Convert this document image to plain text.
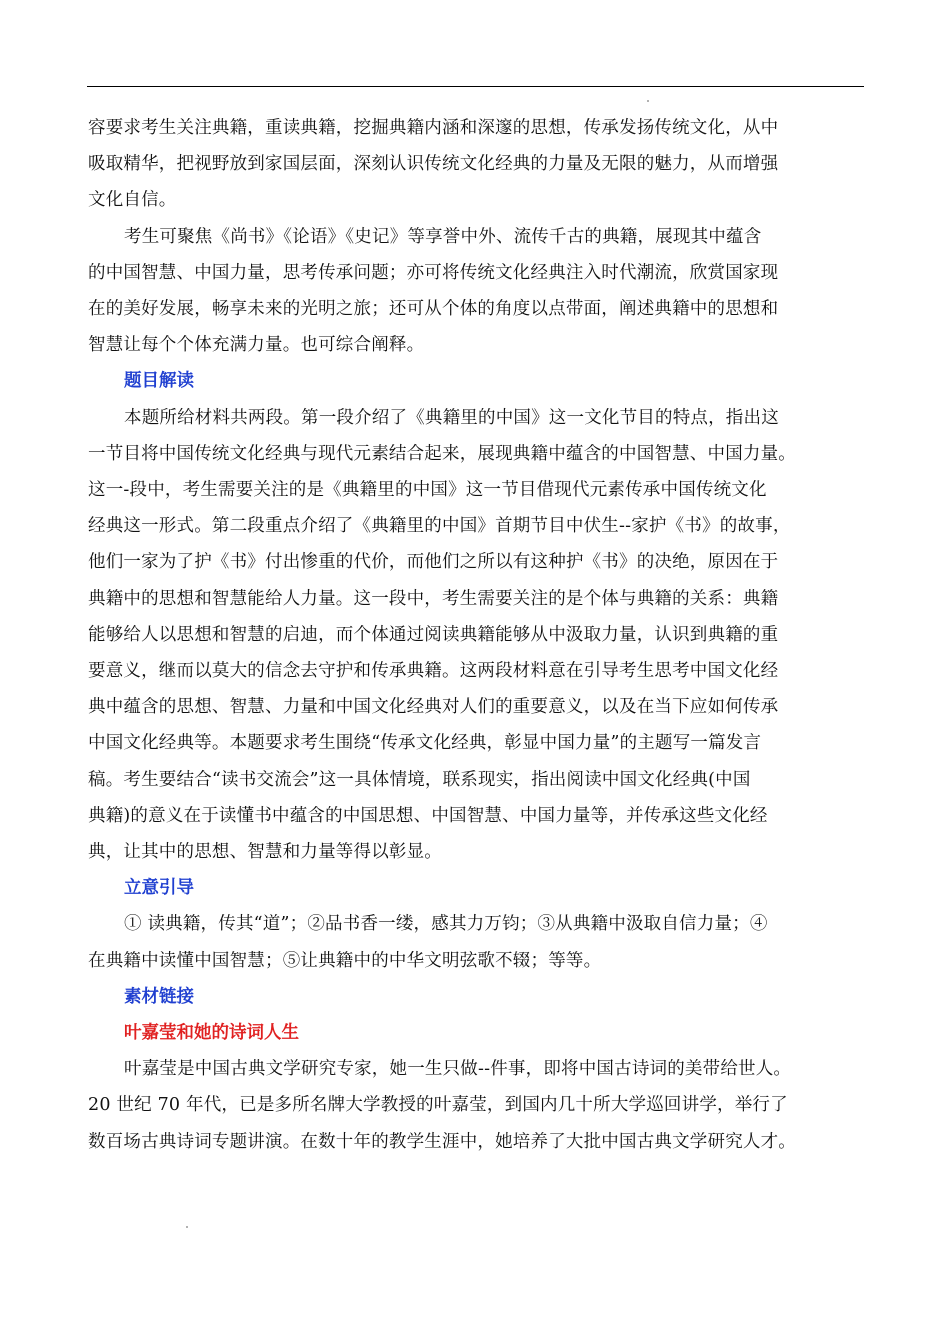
容要求考生关注典籍，重读典籍，挖掘典籍内涵和深邃的思想，传承发扬传统文化，从中
吸取精华，把视野放到家国层面，深刻认识传统文化经典的力量及无限的魅力，从而增强
文化自信。
考生可聚焦《尚书》《论语》《史记》等享誉中外、流传千古的典籍，展现其中蕴含
的中国智慧、中国力量，思考传承问题；亦可将传统文化经典注入时代潮流，欣赏国家现
在的美好发展，畅享未来的光明之旅；还可从个体的角度以点带面，阐述典籍中的思想和
智慧让每个个体充满力量。也可综合阐释。
题目解读
本题所给材料共两段。第一段介绍了《典籍里的中国》这一文化节目的特点，指出这
一节目将中国传统文化经典与现代元素结合起来，展现典籍中蕴含的中国智慧、中国力量。
这一-段中，考生需要关注的是《典籍里的中国》这一节目借现代元素传承中国传统文化
经典这一形式。第二段重点介绍了《典籍里的中国》首期节目中伏生--家护《书》的故事，
他们一家为了护《书》付出惨重的代价，而他们之所以有这种护《书》的决绝，原因在于
典籍中的思想和智慧能给人力量。这一段中，考生需要关注的是个体与典籍的关系：典籍
能够给人以思想和智慧的启迪，而个体通过阅读典籍能够从中汲取力量，认识到典籍的重
要意义，继而以莫大的信念去守护和传承典籍。这两段材料意在引导考生思考中国文化经
典中蕴含的思想、智慧、力量和中国文化经典对人们的重要意义，以及在当下应如何传承
中国文化经典等。本题要求考生围绕“传承文化经典，彰显中国力量”的主题写一篇发言
稿。考生要结合“读书交流会”这一具体情境，联系现实，指出阅读中国文化经典(中国
典籍)的意义在于读懂书中蕴含的中国思想、中国智慧、中国力量等，并传承这些文化经
典，让其中的思想、智慧和力量等得以彰显。
立意引导
① 读典籍，传其“道”；②品书香一缕，感其力万钧；③从典籍中汲取自信力量；④
在典籍中读懂中国智慧；⑤让典籍中的中华文明弦歌不辍；等等。
素材链接
叶嘉莹和她的诗词人生
叶嘉莹是中国古典文学研究专家，她一生只做--件事，即将中国古诗词的美带给世人。
20 世纪 70 年代，已是多所名牌大学教授的叶嘉莹，到国内几十所大学巡回讲学，举行了
数百场古典诗词专题讲演。在数十年的教学生涯中，她培养了大批中国古典文学研究人才。
